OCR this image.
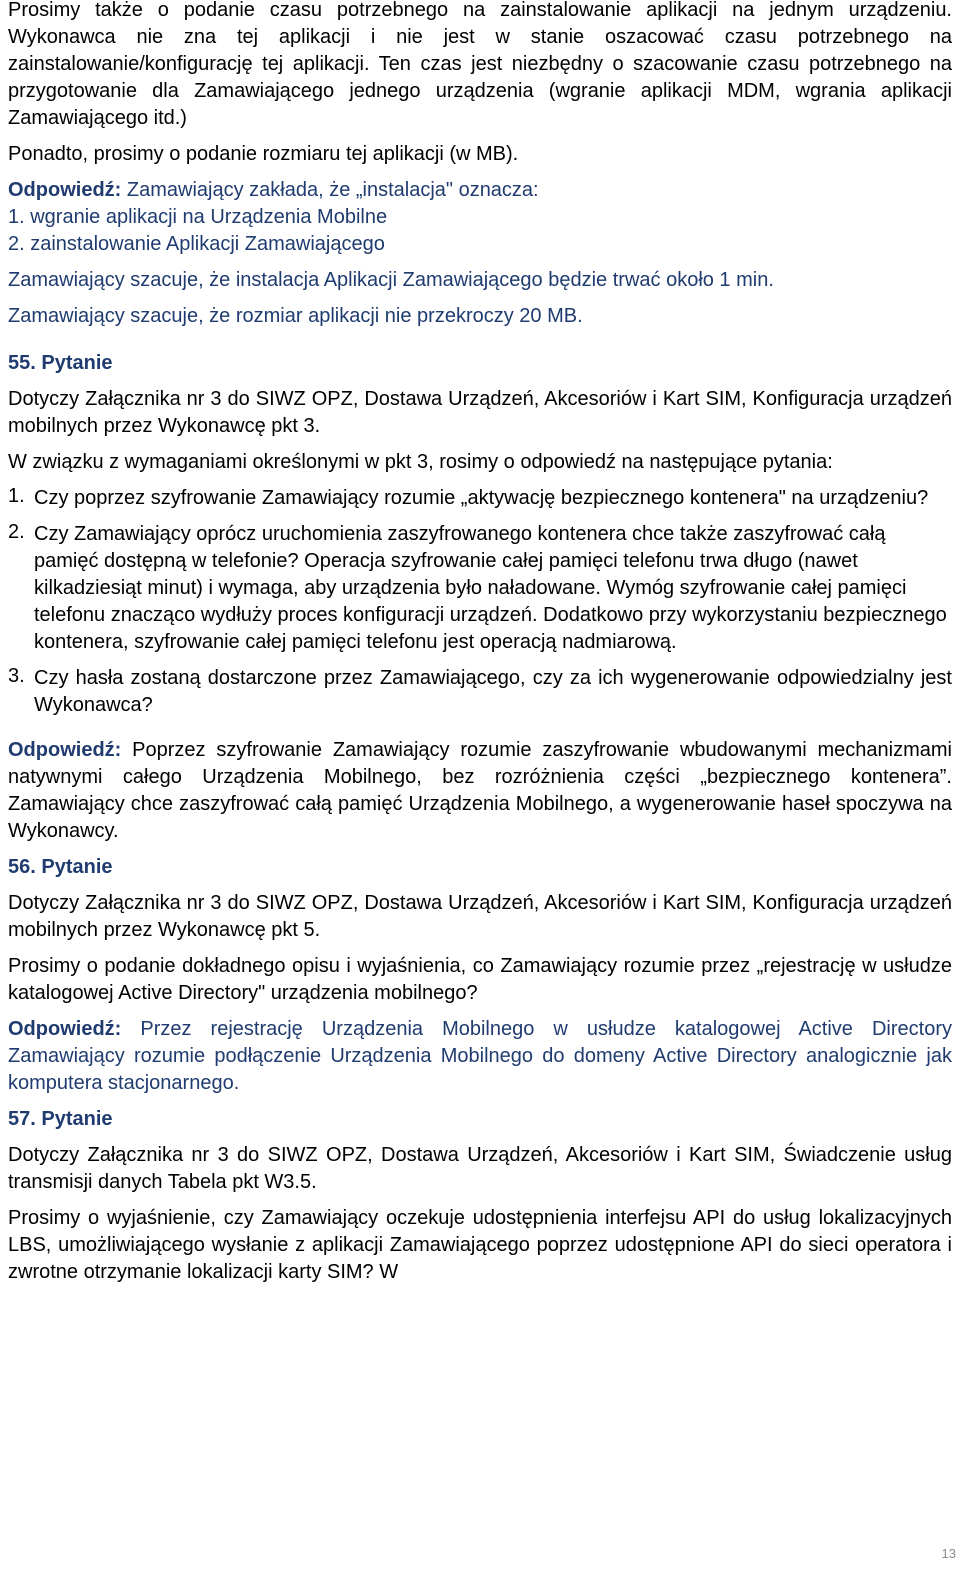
Prosimy także o podanie czasu potrzebnego na zainstalowanie aplikacji na jednym urządzeniu. Wykonawca nie zna tej aplikacji i nie jest w stanie oszacować czasu potrzebnego na zainstalowanie/konfigurację tej aplikacji. Ten czas jest niezbędny o szacowanie czasu potrzebnego na przygotowanie dla Zamawiającego jednego urządzenia (wgranie aplikacji MDM, wgrania aplikacji Zamawiającego itd.)

Ponadto, prosimy o podanie rozmiaru tej aplikacji (w MB).

Odpowiedź: Zamawiający zakłada, że „instalacja" oznacza:

1. wgranie aplikacji na Urządzenia Mobilne

2. zainstalowanie Aplikacji Zamawiającego

Zamawiający szacuje, że instalacja Aplikacji Zamawiającego będzie trwać około 1 min.

Zamawiający szacuje, że rozmiar aplikacji nie przekroczy 20 MB.

55. Pytanie

Dotyczy Załącznika nr 3 do SIWZ OPZ, Dostawa Urządzeń, Akcesoriów i Kart SIM, Konfiguracja urządzeń mobilnych przez Wykonawcę pkt 3.

W związku z wymaganiami określonymi w pkt 3, rosimy o odpowiedź na następujące pytania:

1. Czy poprzez szyfrowanie Zamawiający rozumie „aktywację bezpiecznego kontenera" na urządzeniu?

2. Czy Zamawiający oprócz uruchomienia zaszyfrowanego kontenera chce także zaszyfrować całą pamięć dostępną w telefonie? Operacja szyfrowanie całej pamięci telefonu trwa długo (nawet kilkadziesiąt minut) i wymaga, aby urządzenia było naładowane. Wymóg szyfrowanie całej pamięci telefonu znacząco wydłuży proces konfiguracji urządzeń. Dodatkowo przy wykorzystaniu bezpiecznego kontenera, szyfrowanie całej pamięci telefonu jest operacją nadmiarową.

3. Czy hasła zostaną dostarczone przez Zamawiającego, czy za ich wygenerowanie odpowiedzialny jest Wykonawca?

Odpowiedź: Poprzez szyfrowanie Zamawiający rozumie zaszyfrowanie wbudowanymi mechanizmami natywnymi całego Urządzenia Mobilnego, bez rozróżnienia części „bezpiecznego kontenera”. Zamawiający chce zaszyfrować całą pamięć Urządzenia Mobilnego, a wygenerowanie haseł spoczywa na Wykonawcy.

56. Pytanie

Dotyczy Załącznika nr 3 do SIWZ OPZ, Dostawa Urządzeń, Akcesoriów i Kart SIM, Konfiguracja urządzeń mobilnych przez Wykonawcę pkt 5.

Prosimy o podanie dokładnego opisu i wyjaśnienia, co Zamawiający rozumie przez „rejestrację w usłudze katalogowej Active Directory" urządzenia mobilnego?

Odpowiedź: Przez rejestrację Urządzenia Mobilnego w usłudze katalogowej Active Directory Zamawiający rozumie podłączenie Urządzenia Mobilnego do domeny Active Directory analogicznie jak komputera stacjonarnego.

57. Pytanie

Dotyczy Załącznika nr 3 do SIWZ OPZ, Dostawa Urządzeń, Akcesoriów i Kart SIM, Świadczenie usług transmisji danych Tabela pkt W3.5.

Prosimy o wyjaśnienie, czy Zamawiający oczekuje udostępnienia interfejsu API do usług lokalizacyjnych LBS, umożliwiającego wysłanie z aplikacji Zamawiającego poprzez udostępnione API do sieci operatora i zwrotne otrzymanie lokalizacji karty SIM? W

13
